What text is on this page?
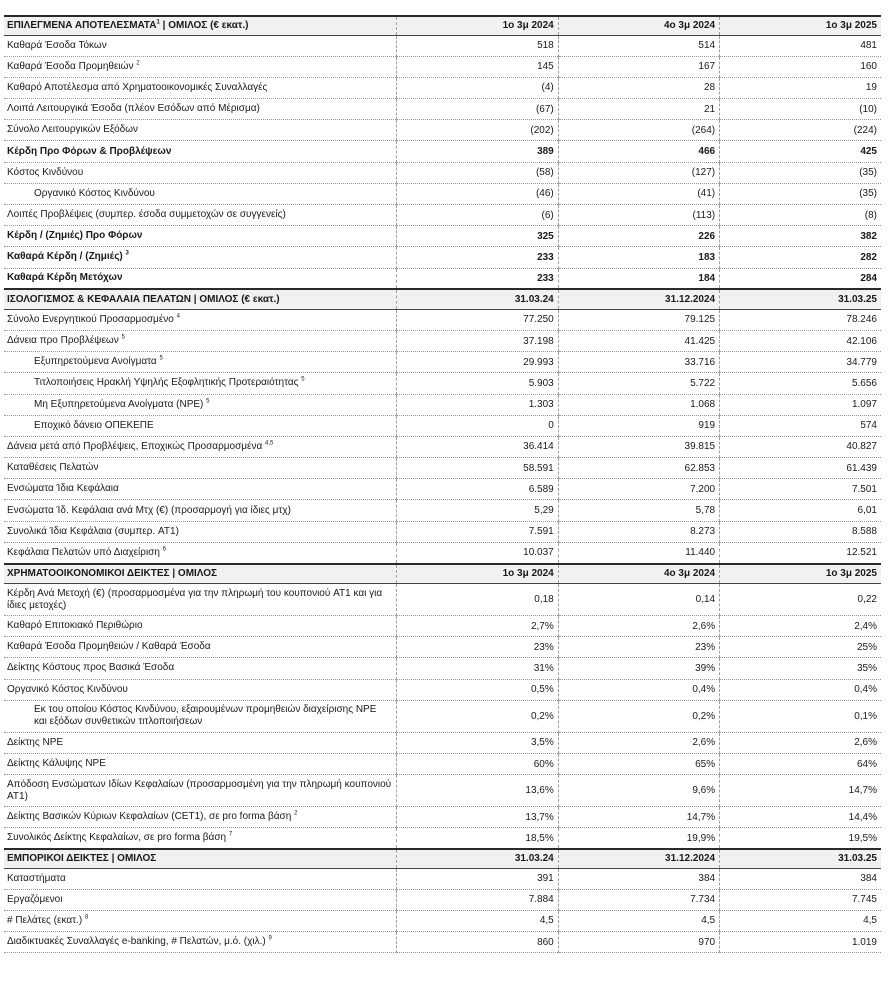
ΕΠΙΛΕΓΜΕΝΑ ΑΠΟΤΕΛΕΣΜΑΤΑ$^1$ | ΟΜΙΛΟΣ (€ εκατ.)	1ο 3μ 2024	4ο 3μ 2024	1ο 3μ 2025
Καθαρά Έσοδα Τόκων	518	514	481
Καθαρά Έσοδα Προμηθειών $^2$	145	167	160
Καθαρό Αποτέλεσμα από Χρηματοοικονομικές Συναλλαγές	(4)	28	19
Λοιπά Λειτουργικά Έσοδα (πλέον Εσόδων από Μέρισμα)	(67)	21	(10)
Σύνολο Λειτουργικών Εξόδων	(202)	(264)	(224)
Κέρδη Προ Φόρων & Προβλέψεων	389	466	425
Κόστος Κινδύνου	(58)	(127)	(35)
Οργανικό Κόστος Κινδύνου	(46)	(41)	(35)
Λοιπές Προβλέψεις (συμπερ. έσοδα συμμετοχών σε συγγενείς)	(6)	(113)	(8)
Κέρδη / (Ζημιές) Προ Φόρων	325	226	382
Καθαρά Κέρδη / (Ζημιές) $^3$	233	183	282
Καθαρά Κέρδη Μετόχων	233	184	284
ΙΣΟΛΟΓΙΣΜΟΣ & ΚΕΦΑΛΑΙΑ ΠΕΛΑΤΩΝ | ΟΜΙΛΟΣ (€ εκατ.)	31.03.24	31.12.2024	31.03.25
Σύνολο Ενεργητικού Προσαρμοσμένο $^4$	77.250	79.125	78.246
Δάνεια προ Προβλέψεων $^5$	37.198	41.425	42.106
Εξυπηρετούμενα Ανοίγματα $^5$	29.993	33.716	34.779
Τιτλοποιήσεις Ηρακλή Υψηλής Εξοφλητικής Προτεραιότητας $^5$	5.903	5.722	5.656
Μη Εξυπηρετούμενα Ανοίγματα (NPE) $^5$	1.303	1.068	1.097
Εποχικό δάνειο ΟΠΕΚΕΠΕ	0	919	574
Δάνεια μετά από Προβλέψεις, Εποχικώς Προσαρμοσμένα $^{4,5}$	36.414	39.815	40.827
Καταθέσεις Πελατών	58.591	62.853	61.439
Ενσώματα Ίδια Κεφάλαια	6.589	7.200	7.501
Ενσώματα Ίδ. Κεφάλαια ανά Μτχ (€) (προσαρμογή για ίδιες μτχ)	5,29	5,78	6,01
Συνολικά Ίδια Κεφάλαια (συμπερ. AT1)	7.591	8.273	8.588
Κεφάλαια Πελατών υπό Διαχείριση $^6$	10.037	11.440	12.521
ΧΡΗΜΑΤΟΟΙΚΟΝΟΜΙΚΟΙ ΔΕΙΚΤΕΣ | ΟΜΙΛΟΣ	1ο 3μ 2024	4ο 3μ 2024	1ο 3μ 2025
Κέρδη Ανά Μετοχή (€) (προσαρμοσμένα για την πληρωμή του κουπονιού AT1 και για ίδιες μετοχές)	0,18	0,14	0,22
Καθαρό Επιτοκιακό Περιθώριο	2,7%	2,6%	2,4%
Καθαρά Έσοδα Προμηθειών / Καθαρά Έσοδα	23%	23%	25%
Δείκτης Κόστους προς Βασικά Έσοδα	31%	39%	35%
Οργανικό Κόστος Κινδύνου	0,5%	0,4%	0,4%
Εκ του οποίου Κόστος Κινδύνου, εξαιρουμένων προμηθειών διαχείρισης NPE και εξόδων συνθετικών τιτλοποιήσεων	0,2%	0,2%	0,1%
Δείκτης NPE	3,5%	2,6%	2,6%
Δείκτης Κάλυψης NPE	60%	65%	64%
Απόδοση Ενσώματων Ιδίων Κεφαλαίων (προσαρμοσμένη για την πληρωμή κουπονιού AT1)	13,6%	9,6%	14,7%
Δείκτης Βασικών Κύριων Κεφαλαίων (CET1), σε pro forma βάση $^2$	13,7%	14,7%	14,4%
Συνολικός Δείκτης Κεφαλαίων, σε pro forma βάση $^7$	18,5%	19,9%	19,5%
ΕΜΠΟΡΙΚΟΙ ΔΕΙΚΤΕΣ | ΟΜΙΛΟΣ	31.03.24	31.12.2024	31.03.25
Καταστήματα	391	384	384
Εργαζόμενοι	7.884	7.734	7.745
# Πελάτες (εκατ.) $^8$	4,5	4,5	4,5
Διαδικτυακές Συναλλαγές e-banking, # Πελατών, μ.ό. (χιλ.) $^9$	860	970	1.019
